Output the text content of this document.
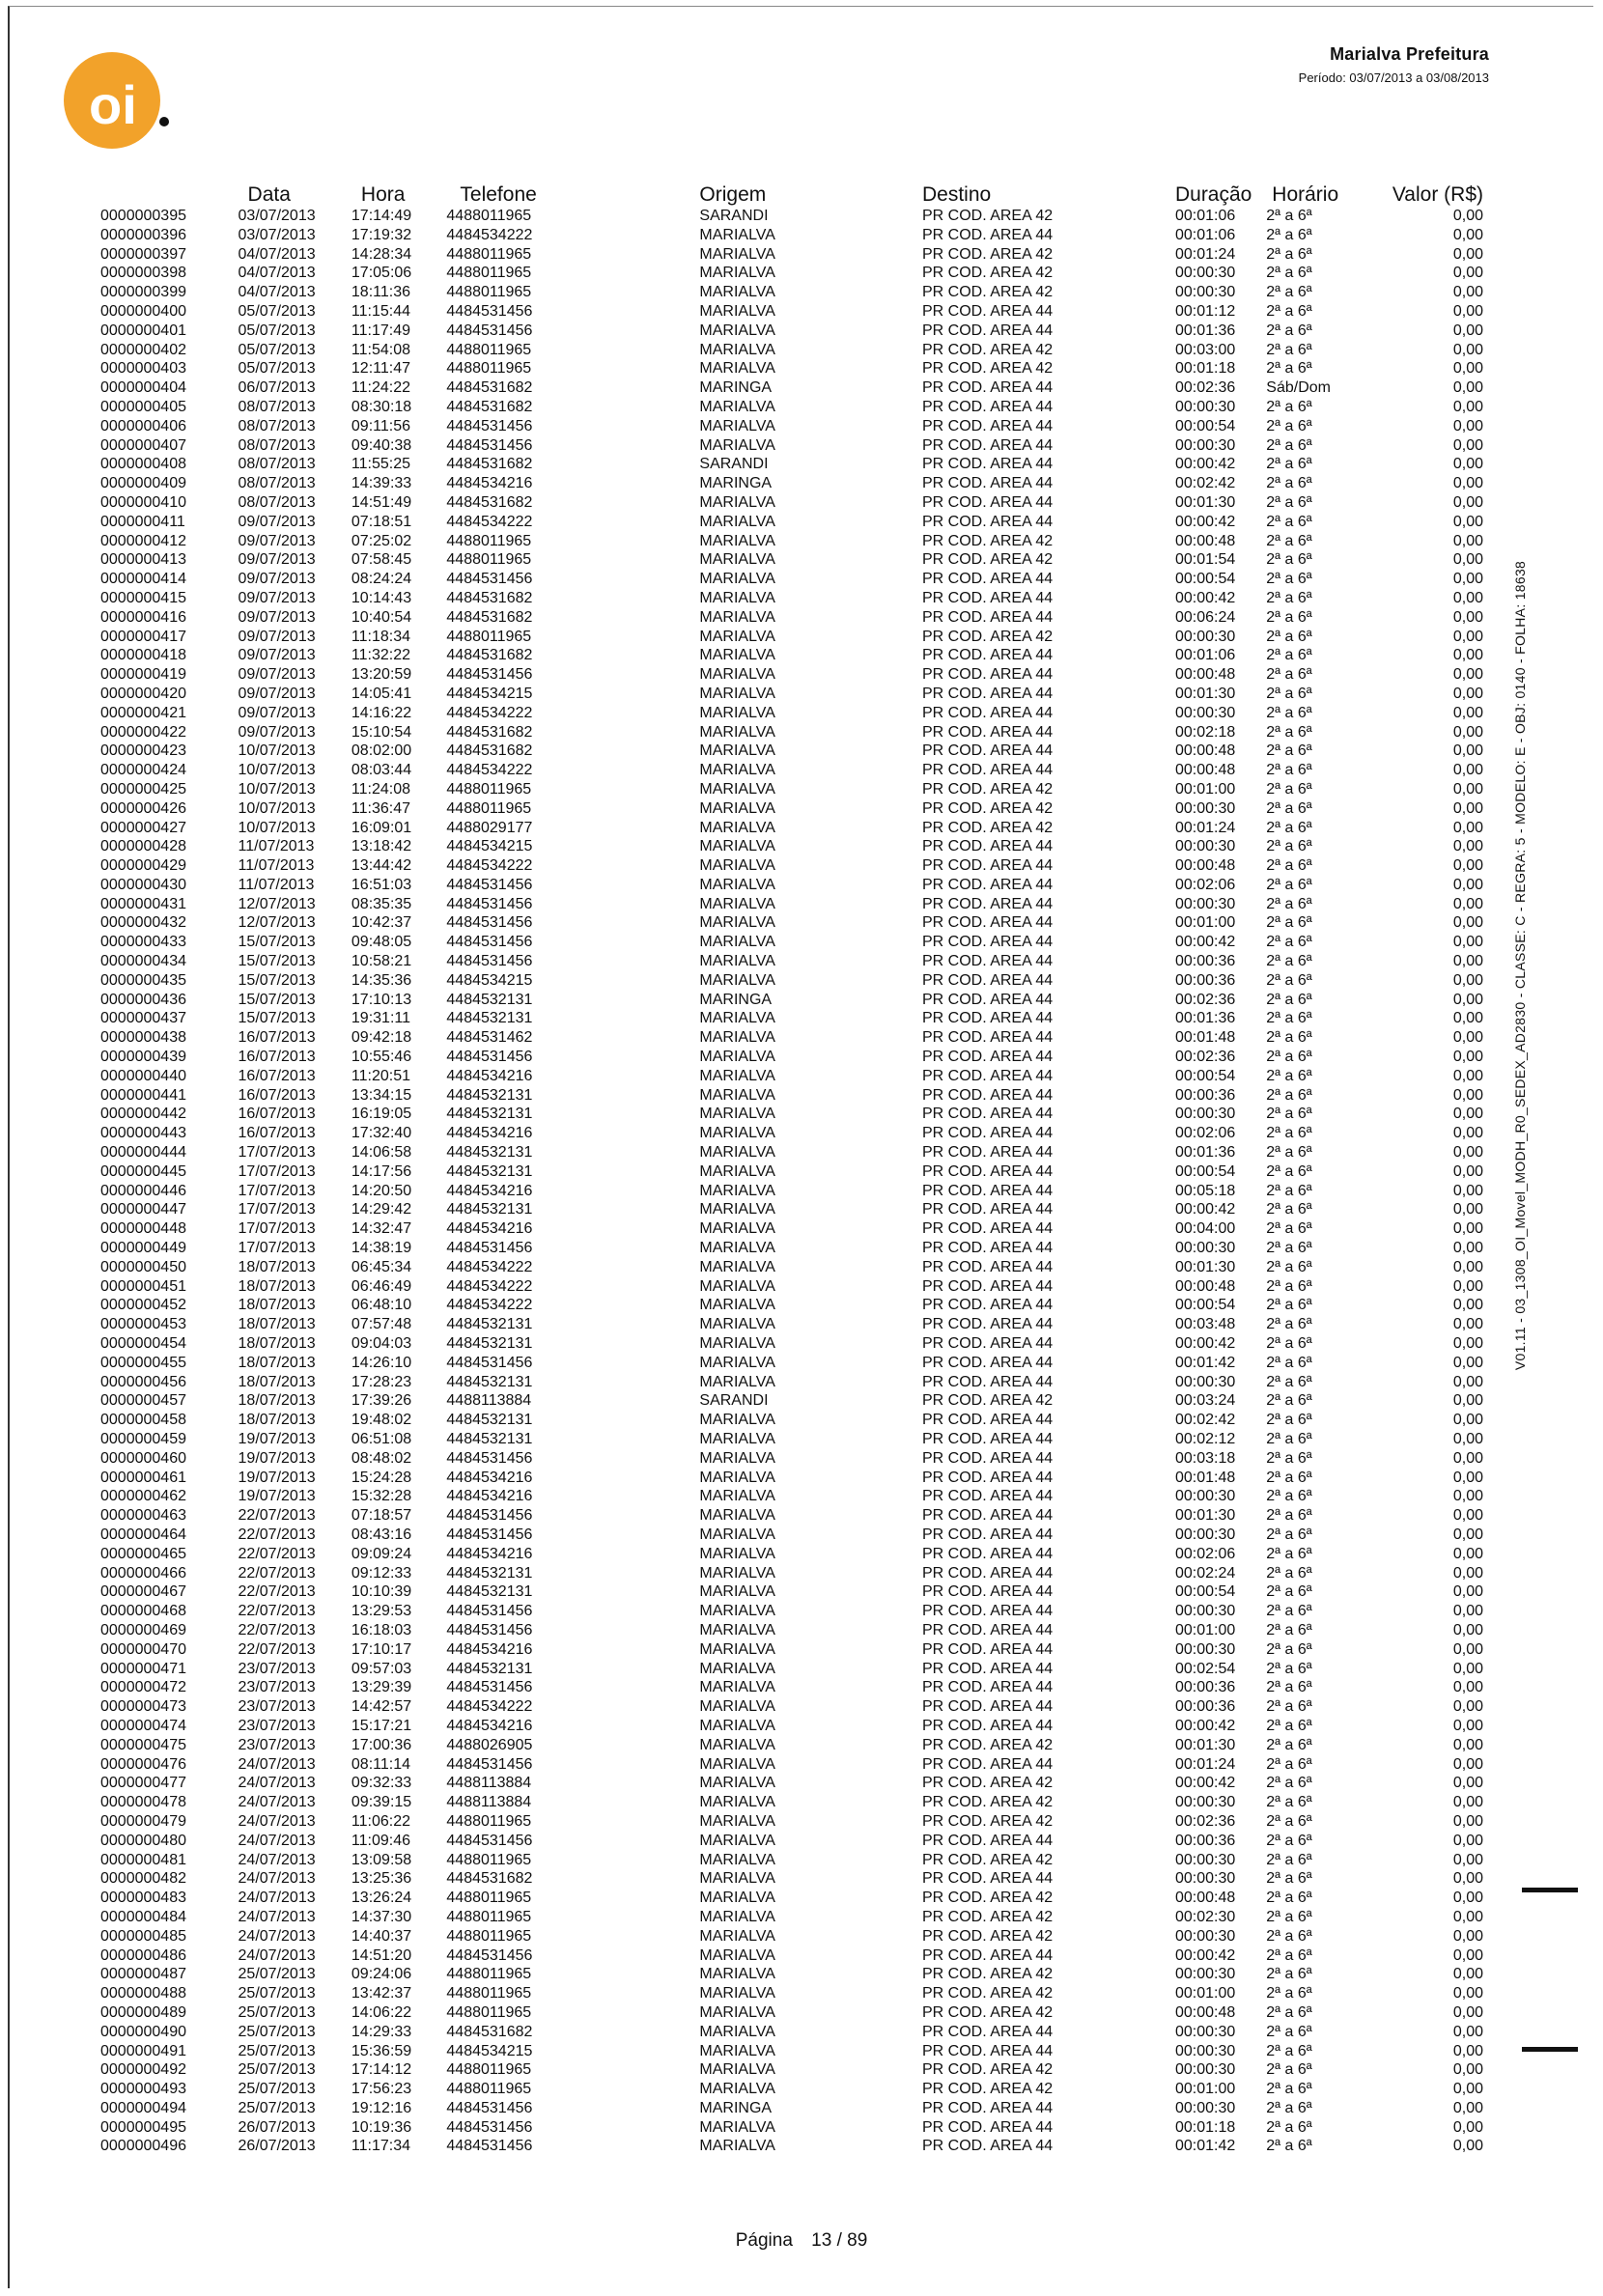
oi
Marialva Prefeitura
Período: 03/07/2013 a 03/08/2013
V01.11 - 03_1308_OI_Movel_MODH_R0_SEDEX_AD2830 - CLASSE: C - REGRA: 5 - MODELO: E - OBJ: 0140 - FOLHA: 18638
	Data	Hora	Telefone	Origem	Destino	Duração	Horário	Valor (R$)
0000000395	03/07/2013	17:14:49	4488011965	SARANDI	PR COD. AREA 42	00:01:06	2ª a 6ª	0,00
0000000396	03/07/2013	17:19:32	4484534222	MARIALVA	PR COD. AREA 44	00:01:06	2ª a 6ª	0,00
0000000397	04/07/2013	14:28:34	4488011965	MARIALVA	PR COD. AREA 42	00:01:24	2ª a 6ª	0,00
0000000398	04/07/2013	17:05:06	4488011965	MARIALVA	PR COD. AREA 42	00:00:30	2ª a 6ª	0,00
0000000399	04/07/2013	18:11:36	4488011965	MARIALVA	PR COD. AREA 42	00:00:30	2ª a 6ª	0,00
0000000400	05/07/2013	11:15:44	4484531456	MARIALVA	PR COD. AREA 44	00:01:12	2ª a 6ª	0,00
0000000401	05/07/2013	11:17:49	4484531456	MARIALVA	PR COD. AREA 44	00:01:36	2ª a 6ª	0,00
0000000402	05/07/2013	11:54:08	4488011965	MARIALVA	PR COD. AREA 42	00:03:00	2ª a 6ª	0,00
0000000403	05/07/2013	12:11:47	4488011965	MARIALVA	PR COD. AREA 42	00:01:18	2ª a 6ª	0,00
0000000404	06/07/2013	11:24:22	4484531682	MARINGA	PR COD. AREA 44	00:02:36	Sáb/Dom	0,00
0000000405	08/07/2013	08:30:18	4484531682	MARIALVA	PR COD. AREA 44	00:00:30	2ª a 6ª	0,00
0000000406	08/07/2013	09:11:56	4484531456	MARIALVA	PR COD. AREA 44	00:00:54	2ª a 6ª	0,00
0000000407	08/07/2013	09:40:38	4484531456	MARIALVA	PR COD. AREA 44	00:00:30	2ª a 6ª	0,00
0000000408	08/07/2013	11:55:25	4484531682	SARANDI	PR COD. AREA 44	00:00:42	2ª a 6ª	0,00
0000000409	08/07/2013	14:39:33	4484534216	MARINGA	PR COD. AREA 44	00:02:42	2ª a 6ª	0,00
0000000410	08/07/2013	14:51:49	4484531682	MARIALVA	PR COD. AREA 44	00:01:30	2ª a 6ª	0,00
0000000411	09/07/2013	07:18:51	4484534222	MARIALVA	PR COD. AREA 44	00:00:42	2ª a 6ª	0,00
0000000412	09/07/2013	07:25:02	4488011965	MARIALVA	PR COD. AREA 42	00:00:48	2ª a 6ª	0,00
0000000413	09/07/2013	07:58:45	4488011965	MARIALVA	PR COD. AREA 42	00:01:54	2ª a 6ª	0,00
0000000414	09/07/2013	08:24:24	4484531456	MARIALVA	PR COD. AREA 44	00:00:54	2ª a 6ª	0,00
0000000415	09/07/2013	10:14:43	4484531682	MARIALVA	PR COD. AREA 44	00:00:42	2ª a 6ª	0,00
0000000416	09/07/2013	10:40:54	4484531682	MARIALVA	PR COD. AREA 44	00:06:24	2ª a 6ª	0,00
0000000417	09/07/2013	11:18:34	4488011965	MARIALVA	PR COD. AREA 42	00:00:30	2ª a 6ª	0,00
0000000418	09/07/2013	11:32:22	4484531682	MARIALVA	PR COD. AREA 44	00:01:06	2ª a 6ª	0,00
0000000419	09/07/2013	13:20:59	4484531456	MARIALVA	PR COD. AREA 44	00:00:48	2ª a 6ª	0,00
0000000420	09/07/2013	14:05:41	4484534215	MARIALVA	PR COD. AREA 44	00:01:30	2ª a 6ª	0,00
0000000421	09/07/2013	14:16:22	4484534222	MARIALVA	PR COD. AREA 44	00:00:30	2ª a 6ª	0,00
0000000422	09/07/2013	15:10:54	4484531682	MARIALVA	PR COD. AREA 44	00:02:18	2ª a 6ª	0,00
0000000423	10/07/2013	08:02:00	4484531682	MARIALVA	PR COD. AREA 44	00:00:48	2ª a 6ª	0,00
0000000424	10/07/2013	08:03:44	4484534222	MARIALVA	PR COD. AREA 44	00:00:48	2ª a 6ª	0,00
0000000425	10/07/2013	11:24:08	4488011965	MARIALVA	PR COD. AREA 42	00:01:00	2ª a 6ª	0,00
0000000426	10/07/2013	11:36:47	4488011965	MARIALVA	PR COD. AREA 42	00:00:30	2ª a 6ª	0,00
0000000427	10/07/2013	16:09:01	4488029177	MARIALVA	PR COD. AREA 42	00:01:24	2ª a 6ª	0,00
0000000428	11/07/2013	13:18:42	4484534215	MARIALVA	PR COD. AREA 44	00:00:30	2ª a 6ª	0,00
0000000429	11/07/2013	13:44:42	4484534222	MARIALVA	PR COD. AREA 44	00:00:48	2ª a 6ª	0,00
0000000430	11/07/2013	16:51:03	4484531456	MARIALVA	PR COD. AREA 44	00:02:06	2ª a 6ª	0,00
0000000431	12/07/2013	08:35:35	4484531456	MARIALVA	PR COD. AREA 44	00:00:30	2ª a 6ª	0,00
0000000432	12/07/2013	10:42:37	4484531456	MARIALVA	PR COD. AREA 44	00:01:00	2ª a 6ª	0,00
0000000433	15/07/2013	09:48:05	4484531456	MARIALVA	PR COD. AREA 44	00:00:42	2ª a 6ª	0,00
0000000434	15/07/2013	10:58:21	4484531456	MARIALVA	PR COD. AREA 44	00:00:36	2ª a 6ª	0,00
0000000435	15/07/2013	14:35:36	4484534215	MARIALVA	PR COD. AREA 44	00:00:36	2ª a 6ª	0,00
0000000436	15/07/2013	17:10:13	4484532131	MARINGA	PR COD. AREA 44	00:02:36	2ª a 6ª	0,00
0000000437	15/07/2013	19:31:11	4484532131	MARIALVA	PR COD. AREA 44	00:01:36	2ª a 6ª	0,00
0000000438	16/07/2013	09:42:18	4484531462	MARIALVA	PR COD. AREA 44	00:01:48	2ª a 6ª	0,00
0000000439	16/07/2013	10:55:46	4484531456	MARIALVA	PR COD. AREA 44	00:02:36	2ª a 6ª	0,00
0000000440	16/07/2013	11:20:51	4484534216	MARIALVA	PR COD. AREA 44	00:00:54	2ª a 6ª	0,00
0000000441	16/07/2013	13:34:15	4484532131	MARIALVA	PR COD. AREA 44	00:00:36	2ª a 6ª	0,00
0000000442	16/07/2013	16:19:05	4484532131	MARIALVA	PR COD. AREA 44	00:00:30	2ª a 6ª	0,00
0000000443	16/07/2013	17:32:40	4484534216	MARIALVA	PR COD. AREA 44	00:02:06	2ª a 6ª	0,00
0000000444	17/07/2013	14:06:58	4484532131	MARIALVA	PR COD. AREA 44	00:01:36	2ª a 6ª	0,00
0000000445	17/07/2013	14:17:56	4484532131	MARIALVA	PR COD. AREA 44	00:00:54	2ª a 6ª	0,00
0000000446	17/07/2013	14:20:50	4484534216	MARIALVA	PR COD. AREA 44	00:05:18	2ª a 6ª	0,00
0000000447	17/07/2013	14:29:42	4484532131	MARIALVA	PR COD. AREA 44	00:00:42	2ª a 6ª	0,00
0000000448	17/07/2013	14:32:47	4484534216	MARIALVA	PR COD. AREA 44	00:04:00	2ª a 6ª	0,00
0000000449	17/07/2013	14:38:19	4484531456	MARIALVA	PR COD. AREA 44	00:00:30	2ª a 6ª	0,00
0000000450	18/07/2013	06:45:34	4484534222	MARIALVA	PR COD. AREA 44	00:01:30	2ª a 6ª	0,00
0000000451	18/07/2013	06:46:49	4484534222	MARIALVA	PR COD. AREA 44	00:00:48	2ª a 6ª	0,00
0000000452	18/07/2013	06:48:10	4484534222	MARIALVA	PR COD. AREA 44	00:00:54	2ª a 6ª	0,00
0000000453	18/07/2013	07:57:48	4484532131	MARIALVA	PR COD. AREA 44	00:03:48	2ª a 6ª	0,00
0000000454	18/07/2013	09:04:03	4484532131	MARIALVA	PR COD. AREA 44	00:00:42	2ª a 6ª	0,00
0000000455	18/07/2013	14:26:10	4484531456	MARIALVA	PR COD. AREA 44	00:01:42	2ª a 6ª	0,00
0000000456	18/07/2013	17:28:23	4484532131	MARIALVA	PR COD. AREA 44	00:00:30	2ª a 6ª	0,00
0000000457	18/07/2013	17:39:26	4488113884	SARANDI	PR COD. AREA 42	00:03:24	2ª a 6ª	0,00
0000000458	18/07/2013	19:48:02	4484532131	MARIALVA	PR COD. AREA 44	00:02:42	2ª a 6ª	0,00
0000000459	19/07/2013	06:51:08	4484532131	MARIALVA	PR COD. AREA 44	00:02:12	2ª a 6ª	0,00
0000000460	19/07/2013	08:48:02	4484531456	MARIALVA	PR COD. AREA 44	00:03:18	2ª a 6ª	0,00
0000000461	19/07/2013	15:24:28	4484534216	MARIALVA	PR COD. AREA 44	00:01:48	2ª a 6ª	0,00
0000000462	19/07/2013	15:32:28	4484534216	MARIALVA	PR COD. AREA 44	00:00:30	2ª a 6ª	0,00
0000000463	22/07/2013	07:18:57	4484531456	MARIALVA	PR COD. AREA 44	00:01:30	2ª a 6ª	0,00
0000000464	22/07/2013	08:43:16	4484531456	MARIALVA	PR COD. AREA 44	00:00:30	2ª a 6ª	0,00
0000000465	22/07/2013	09:09:24	4484534216	MARIALVA	PR COD. AREA 44	00:02:06	2ª a 6ª	0,00
0000000466	22/07/2013	09:12:33	4484532131	MARIALVA	PR COD. AREA 44	00:02:24	2ª a 6ª	0,00
0000000467	22/07/2013	10:10:39	4484532131	MARIALVA	PR COD. AREA 44	00:00:54	2ª a 6ª	0,00
0000000468	22/07/2013	13:29:53	4484531456	MARIALVA	PR COD. AREA 44	00:00:30	2ª a 6ª	0,00
0000000469	22/07/2013	16:18:03	4484531456	MARIALVA	PR COD. AREA 44	00:01:00	2ª a 6ª	0,00
0000000470	22/07/2013	17:10:17	4484534216	MARIALVA	PR COD. AREA 44	00:00:30	2ª a 6ª	0,00
0000000471	23/07/2013	09:57:03	4484532131	MARIALVA	PR COD. AREA 44	00:02:54	2ª a 6ª	0,00
0000000472	23/07/2013	13:29:39	4484531456	MARIALVA	PR COD. AREA 44	00:00:36	2ª a 6ª	0,00
0000000473	23/07/2013	14:42:57	4484534222	MARIALVA	PR COD. AREA 44	00:00:36	2ª a 6ª	0,00
0000000474	23/07/2013	15:17:21	4484534216	MARIALVA	PR COD. AREA 44	00:00:42	2ª a 6ª	0,00
0000000475	23/07/2013	17:00:36	4488026905	MARIALVA	PR COD. AREA 42	00:01:30	2ª a 6ª	0,00
0000000476	24/07/2013	08:11:14	4484531456	MARIALVA	PR COD. AREA 44	00:01:24	2ª a 6ª	0,00
0000000477	24/07/2013	09:32:33	4488113884	MARIALVA	PR COD. AREA 42	00:00:42	2ª a 6ª	0,00
0000000478	24/07/2013	09:39:15	4488113884	MARIALVA	PR COD. AREA 42	00:00:30	2ª a 6ª	0,00
0000000479	24/07/2013	11:06:22	4488011965	MARIALVA	PR COD. AREA 42	00:02:36	2ª a 6ª	0,00
0000000480	24/07/2013	11:09:46	4484531456	MARIALVA	PR COD. AREA 44	00:00:36	2ª a 6ª	0,00
0000000481	24/07/2013	13:09:58	4488011965	MARIALVA	PR COD. AREA 42	00:00:30	2ª a 6ª	0,00
0000000482	24/07/2013	13:25:36	4484531682	MARIALVA	PR COD. AREA 44	00:00:30	2ª a 6ª	0,00
0000000483	24/07/2013	13:26:24	4488011965	MARIALVA	PR COD. AREA 42	00:00:48	2ª a 6ª	0,00
0000000484	24/07/2013	14:37:30	4488011965	MARIALVA	PR COD. AREA 42	00:02:30	2ª a 6ª	0,00
0000000485	24/07/2013	14:40:37	4488011965	MARIALVA	PR COD. AREA 42	00:00:30	2ª a 6ª	0,00
0000000486	24/07/2013	14:51:20	4484531456	MARIALVA	PR COD. AREA 44	00:00:42	2ª a 6ª	0,00
0000000487	25/07/2013	09:24:06	4488011965	MARIALVA	PR COD. AREA 42	00:00:30	2ª a 6ª	0,00
0000000488	25/07/2013	13:42:37	4488011965	MARIALVA	PR COD. AREA 42	00:01:00	2ª a 6ª	0,00
0000000489	25/07/2013	14:06:22	4488011965	MARIALVA	PR COD. AREA 42	00:00:48	2ª a 6ª	0,00
0000000490	25/07/2013	14:29:33	4484531682	MARIALVA	PR COD. AREA 44	00:00:30	2ª a 6ª	0,00
0000000491	25/07/2013	15:36:59	4484534215	MARIALVA	PR COD. AREA 44	00:00:30	2ª a 6ª	0,00
0000000492	25/07/2013	17:14:12	4488011965	MARIALVA	PR COD. AREA 42	00:00:30	2ª a 6ª	0,00
0000000493	25/07/2013	17:56:23	4488011965	MARIALVA	PR COD. AREA 42	00:01:00	2ª a 6ª	0,00
0000000494	25/07/2013	19:12:16	4484531456	MARINGA	PR COD. AREA 44	00:00:30	2ª a 6ª	0,00
0000000495	26/07/2013	10:19:36	4484531456	MARIALVA	PR COD. AREA 44	00:01:18	2ª a 6ª	0,00
0000000496	26/07/2013	11:17:34	4484531456	MARIALVA	PR COD. AREA 44	00:01:42	2ª a 6ª	0,00
Página 13 / 89
